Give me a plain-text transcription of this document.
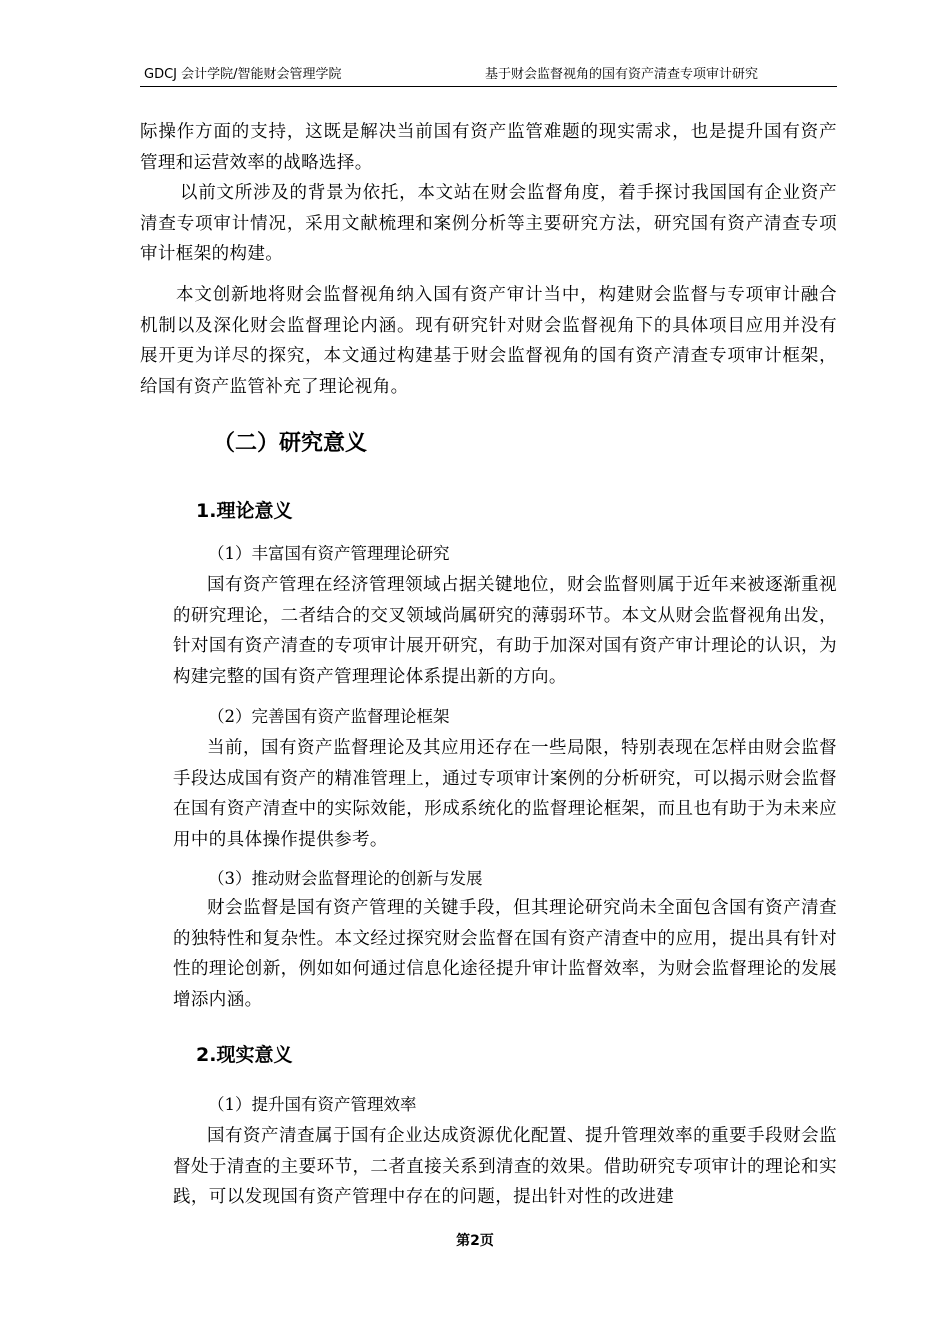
GDCJ 会计学院/智能财会管理学院	基于财会监督视角的国有资产清查专项审计研究

际操作方面的支持，这既是解决当前国有资产监管难题的现实需求，也是提升国有资产管理和运营效率的战略选择。

以前文所涉及的背景为依托，本文站在财会监督角度，着手探讨我国国有企业资产清查专项审计情况，采用文献梳理和案例分析等主要研究方法，研究国有资产清查专项审计框架的构建。

本文创新地将财会监督视角纳入国有资产审计当中，构建财会监督与专项审计融合机制以及深化财会监督理论内涵。现有研究针对财会监督视角下的具体项目应用并没有展开更为详尽的探究，本文通过构建基于财会监督视角的国有资产清查专项审计框架，给国有资产监管补充了理论视角。

（二）研究意义
1.理论意义

（1）丰富国有资产管理理论研究

国有资产管理在经济管理领域占据关键地位，财会监督则属于近年来被逐渐重视的研究理论，二者结合的交叉领域尚属研究的薄弱环节。本文从财会监督视角出发，针对国有资产清查的专项审计展开研究，有助于加深对国有资产审计理论的认识，为构建完整的国有资产管理理论体系提出新的方向。

（2）完善国有资产监督理论框架

当前，国有资产监督理论及其应用还存在一些局限，特别表现在怎样由财会监督手段达成国有资产的精准管理上，通过专项审计案例的分析研究，可以揭示财会监督在国有资产清查中的实际效能，形成系统化的监督理论框架，而且也有助于为未来应用中的具体操作提供参考。

（3）推动财会监督理论的创新与发展

财会监督是国有资产管理的关键手段，但其理论研究尚未全面包含国有资产清查的独特性和复杂性。本文经过探究财会监督在国有资产清查中的应用，提出具有针对性的理论创新，例如如何通过信息化途径提升审计监督效率，为财会监督理论的发展增添内涵。

2.现实意义

（1）提升国有资产管理效率

国有资产清查属于国有企业达成资源优化配置、提升管理效率的重要手段财会监督处于清查的主要环节，二者直接关系到清查的效果。借助研究专项审计的理论和实践，可以发现国有资产管理中存在的问题，提出针对性的改进建

第2页
